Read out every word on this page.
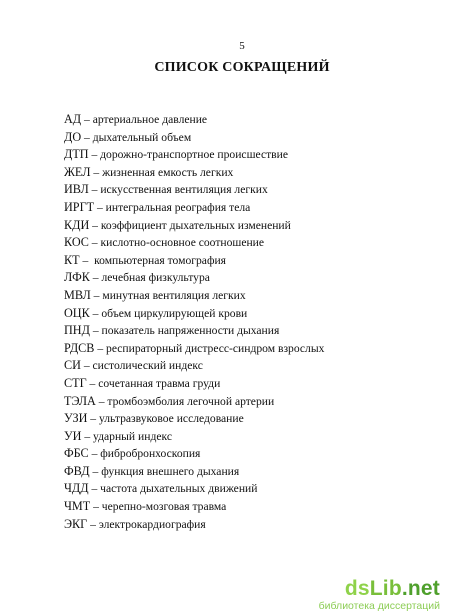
5
СПИСОК СОКРАЩЕНИЙ
АД – артериальное давление
ДО – дыхательный объем
ДТП – дорожно-транспортное происшествие
ЖЕЛ – жизненная емкость легких
ИВЛ – искусственная вентиляция легких
ИРГТ – интегральная реография тела
КДИ – коэффициент дыхательных изменений
КОС – кислотно-основное соотношение
КТ –  компьютерная томография
ЛФК – лечебная физкультура
МВЛ – минутная вентиляция легких
ОЦК – объем циркулирующей крови
ПНД – показатель напряженности дыхания
РДСВ – респираторный дистресс-синдром взрослых
СИ – систолический индекс
СТГ – сочетанная травма груди
ТЭЛА – тромбоэмболия легочной артерии
УЗИ – ультразвуковое исследование
УИ – ударный индекс
ФБС – фибробронхоскопия
ФВД – функция внешнего дыхания
ЧДД – частота дыхательных движений
ЧМТ – черепно-мозговая травма
ЭКГ – электрокардиография
dsLib.net
библиотека диссертаций
